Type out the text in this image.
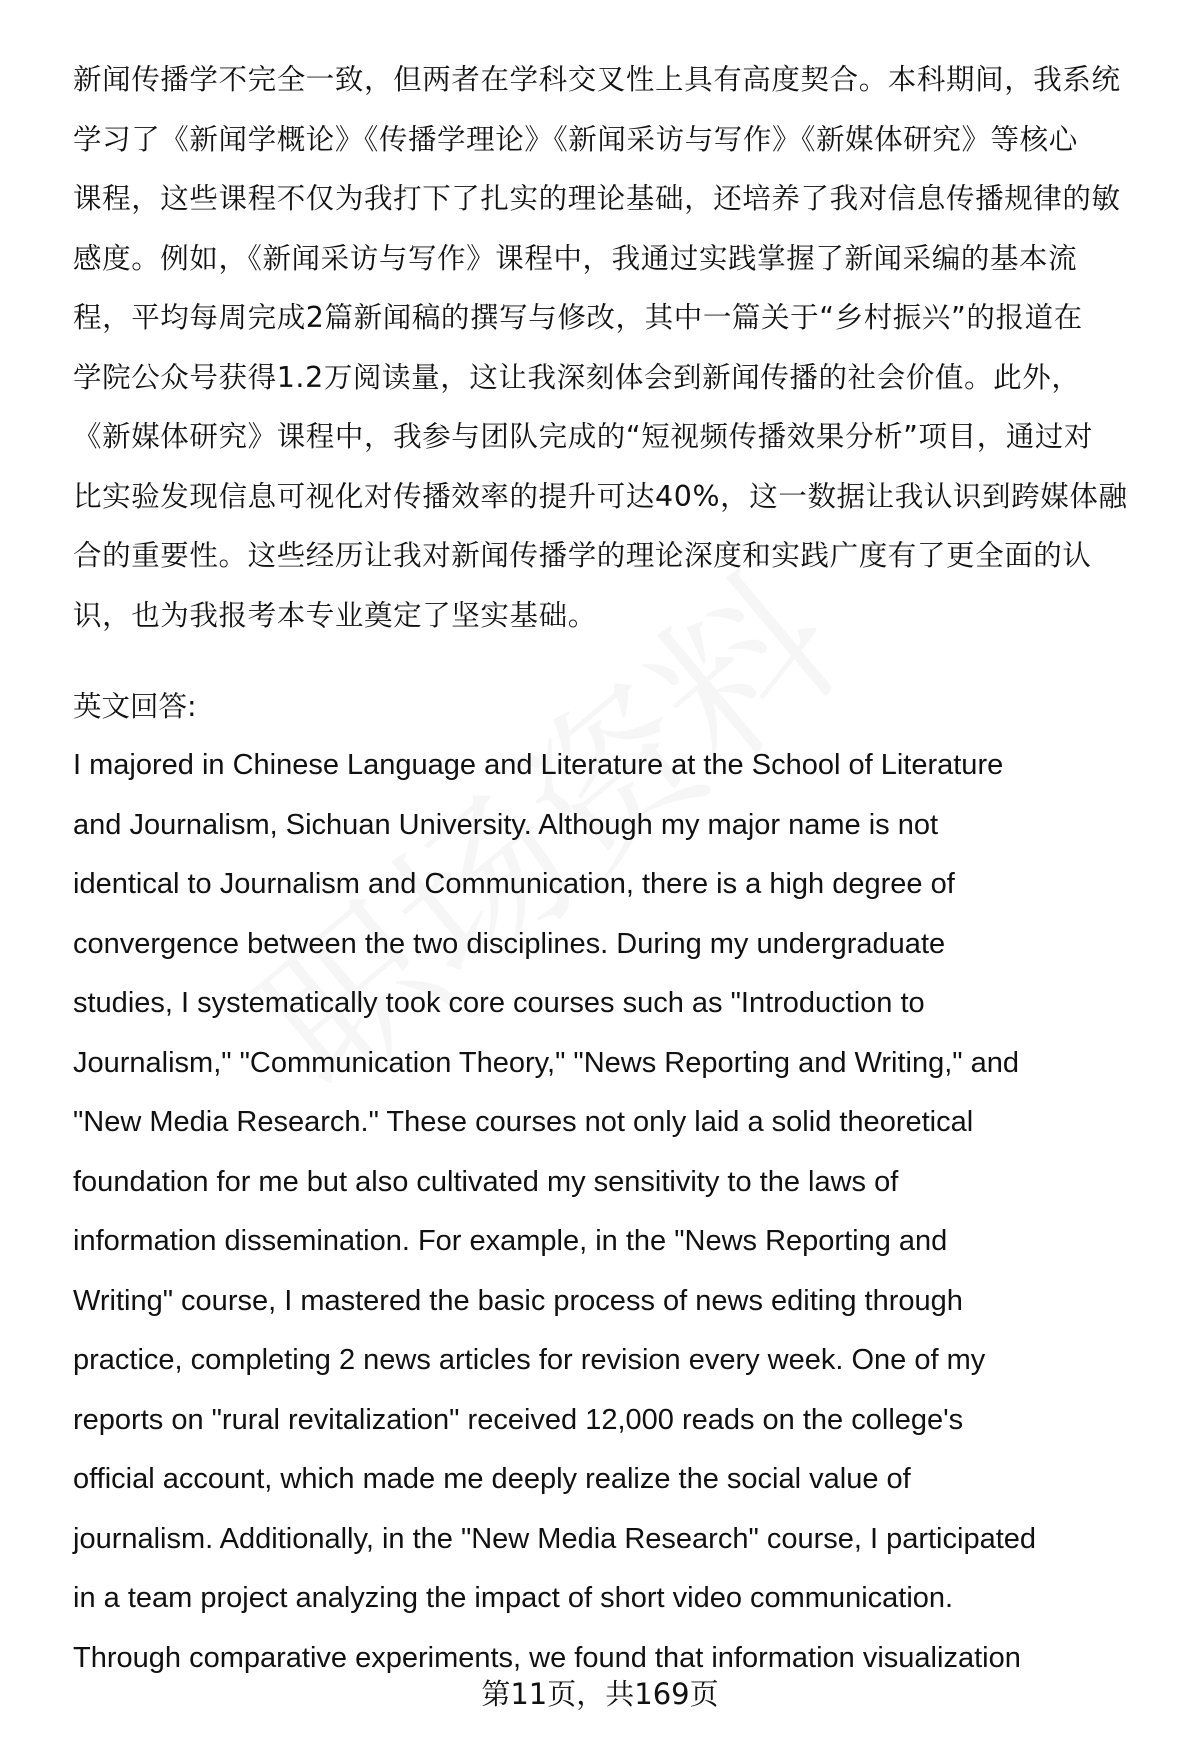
新闻传播学不完全一致，但两者在学科交叉性上具有高度契合。本科期间，我系统
学习了《新闻学概论》《传播学理论》《新闻采访与写作》《新媒体研究》等核心
课程，这些课程不仅为我打下了扎实的理论基础，还培养了我对信息传播规律的敏
感度。例如，《新闻采访与写作》课程中，我通过实践掌握了新闻采编的基本流
程，平均每周完成2篇新闻稿的撰写与修改，其中一篇关于“乡村振兴”的报道在
学院公众号获得1.2万阅读量，这让我深刻体会到新闻传播的社会价值。此外，
《新媒体研究》课程中，我参与团队完成的“短视频传播效果分析”项目，通过对
比实验发现信息可视化对传播效率的提升可达40%，这一数据让我认识到跨媒体融
合的重要性。这些经历让我对新闻传播学的理论深度和实践广度有了更全面的认
识，也为我报考本专业奠定了坚实基础。
英文回答:
I majored in Chinese Language and Literature at the School of Literature
and Journalism, Sichuan University. Although my major name is not
identical to Journalism and Communication, there is a high degree of
convergence between the two disciplines. During my undergraduate
studies, I systematically took core courses such as "Introduction to
Journalism," "Communication Theory," "News Reporting and Writing," and
"New Media Research." These courses not only laid a solid theoretical
foundation for me but also cultivated my sensitivity to the laws of
information dissemination. For example, in the "News Reporting and
Writing" course, I mastered the basic process of news editing through
practice, completing 2 news articles for revision every week. One of my
reports on "rural revitalization" received 12,000 reads on the college's
official account, which made me deeply realize the social value of
journalism. Additionally, in the "New Media Research" course, I participated
in a team project analyzing the impact of short video communication.
Through comparative experiments, we found that information visualization
第11页，共169页
